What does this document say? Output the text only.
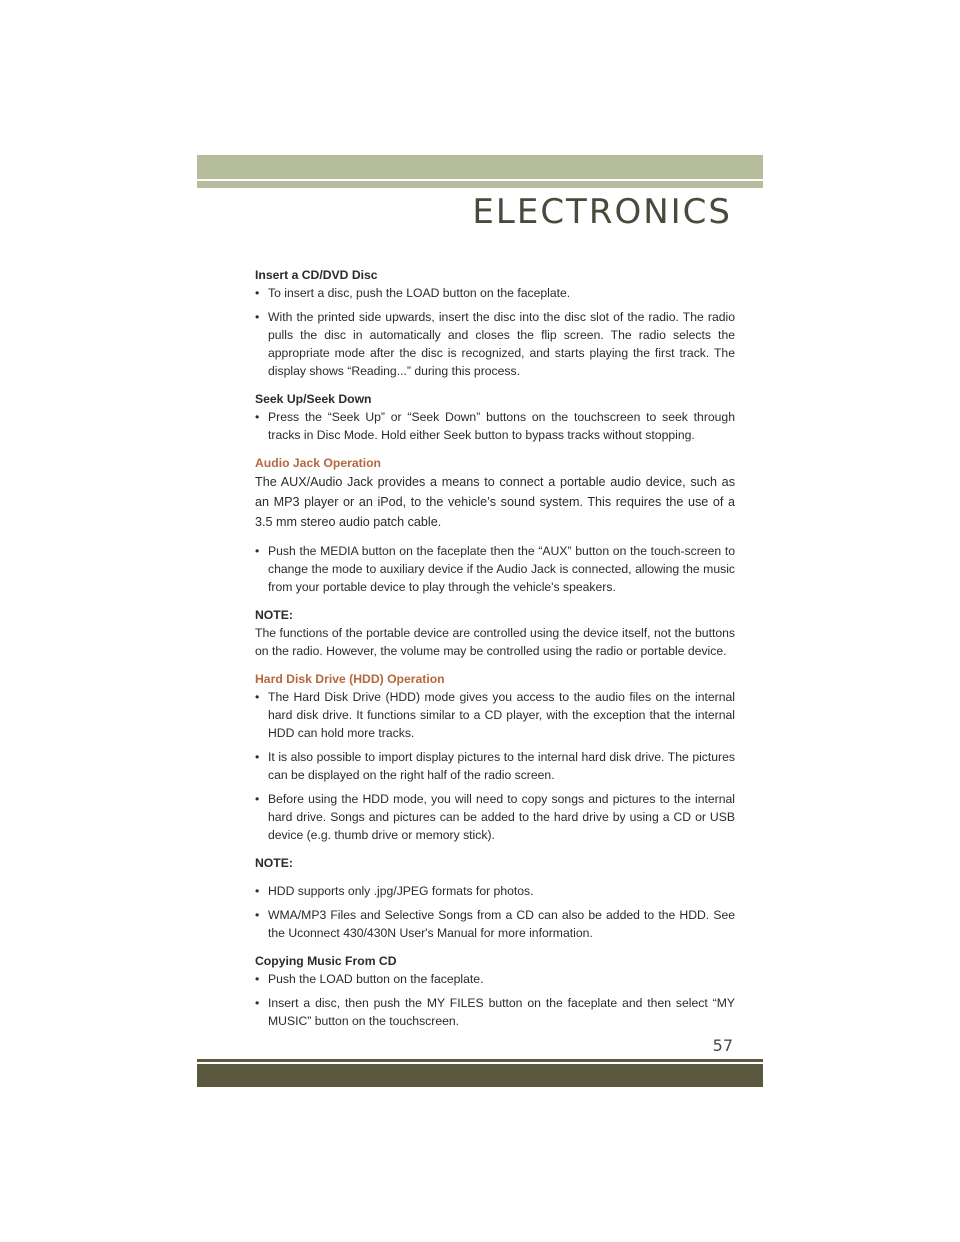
ELECTRONICS

Insert a CD/DVD Disc

• To insert a disc, push the LOAD button on the faceplate.
• With the printed side upwards, insert the disc into the disc slot of the radio. The radio pulls the disc in automatically and closes the flip screen. The radio selects the appropriate mode after the disc is recognized, and starts playing the first track. The display shows “Reading...” during this process.

Seek Up/Seek Down

• Press the “Seek Up” or “Seek Down” buttons on the touchscreen to seek through tracks in Disc Mode. Hold either Seek button to bypass tracks without stopping.

Audio Jack Operation

The AUX/Audio Jack provides a means to connect a portable audio device, such as an MP3 player or an iPod, to the vehicle’s sound system. This requires the use of a 3.5 mm stereo audio patch cable.

• Push the MEDIA button on the faceplate then the “AUX” button on the touch-screen to change the mode to auxiliary device if the Audio Jack is connected, allowing the music from your portable device to play through the vehicle's speakers.

NOTE:

The functions of the portable device are controlled using the device itself, not the buttons on the radio. However, the volume may be controlled using the radio or portable device.

Hard Disk Drive (HDD) Operation

• The Hard Disk Drive (HDD) mode gives you access to the audio files on the internal hard disk drive. It functions similar to a CD player, with the exception that the internal HDD can hold more tracks.
• It is also possible to import display pictures to the internal hard disk drive. The pictures can be displayed on the right half of the radio screen.
• Before using the HDD mode, you will need to copy songs and pictures to the internal hard drive. Songs and pictures can be added to the hard drive by using a CD or USB device (e.g. thumb drive or memory stick).

NOTE:

• HDD supports only .jpg/JPEG formats for photos.
• WMA/MP3 Files and Selective Songs from a CD can also be added to the HDD. See the Uconnect 430/430N User's Manual for more information.

Copying Music From CD

• Push the LOAD button on the faceplate.
• Insert a disc, then push the MY FILES button on the faceplate and then select “MY MUSIC” button on the touchscreen.
57
